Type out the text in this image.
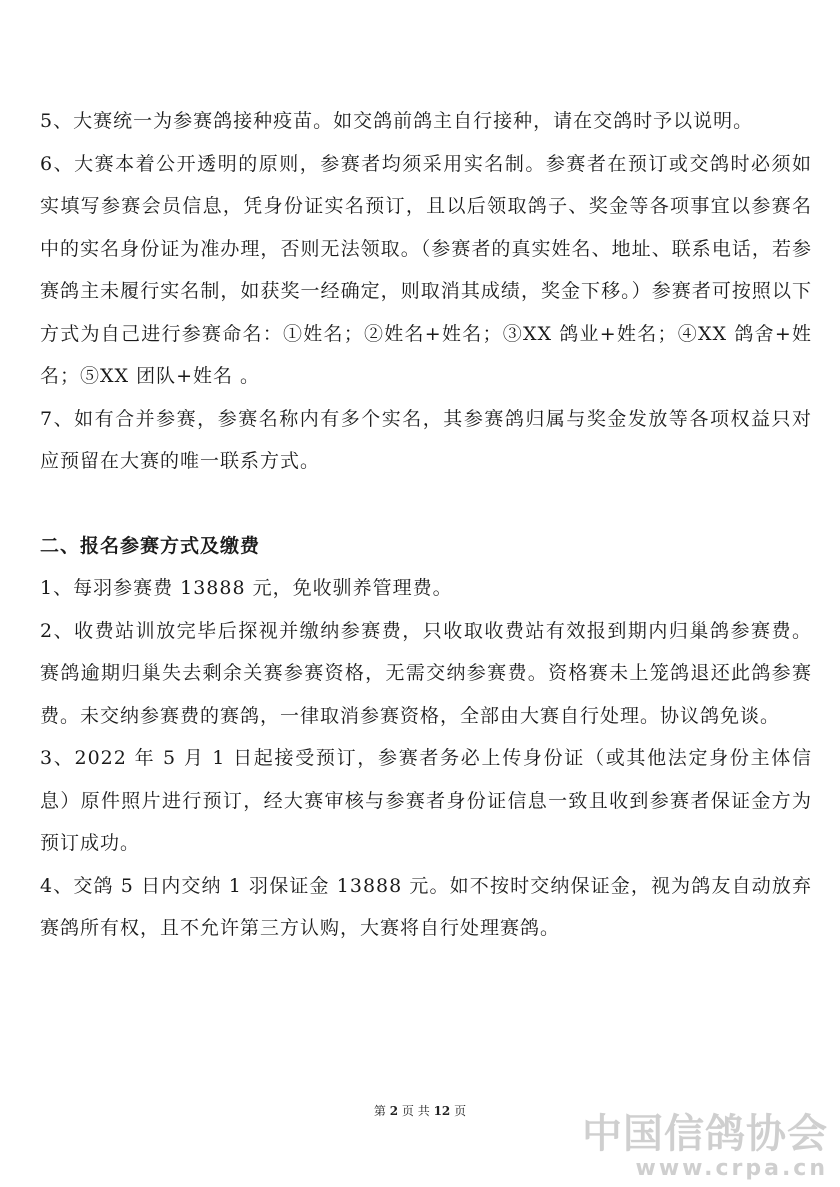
5、大赛统一为参赛鸽接种疫苗。如交鸽前鸽主自行接种，请在交鸽时予以说明。

6、大赛本着公开透明的原则，参赛者均须采用实名制。参赛者在预订或交鸽时必须如实填写参赛会员信息，凭身份证实名预订，且以后领取鸽子、奖金等各项事宜以参赛名中的实名身份证为准办理，否则无法领取。（参赛者的真实姓名、地址、联系电话，若参赛鸽主未履行实名制，如获奖一经确定，则取消其成绩，奖金下移。）参赛者可按照以下方式为自己进行参赛命名：①姓名；②姓名+姓名；③XX 鸽业+姓名；④XX 鸽舍+姓名；⑤XX 团队+姓名 。

7、如有合并参赛，参赛名称内有多个实名，其参赛鸽归属与奖金发放等各项权益只对应预留在大赛的唯一联系方式。

二、报名参赛方式及缴费

1、每羽参赛费 13888 元，免收驯养管理费。

2、收费站训放完毕后探视并缴纳参赛费，只收取收费站有效报到期内归巢鸽参赛费。赛鸽逾期归巢失去剩余关赛参赛资格，无需交纳参赛费。资格赛未上笼鸽退还此鸽参赛费。未交纳参赛费的赛鸽，一律取消参赛资格，全部由大赛自行处理。协议鸽免谈。

3、2022 年 5 月 1 日起接受预订，参赛者务必上传身份证（或其他法定身份主体信息）原件照片进行预订，经大赛审核与参赛者身份证信息一致且收到参赛者保证金方为预订成功。

4、交鸽 5 日内交纳 1 羽保证金 13888 元。如不按时交纳保证金，视为鸽友自动放弃赛鸽所有权，且不允许第三方认购，大赛将自行处理赛鸽。

第 2 页 共 12 页	中国信鸽协会
www.crpa.cn
